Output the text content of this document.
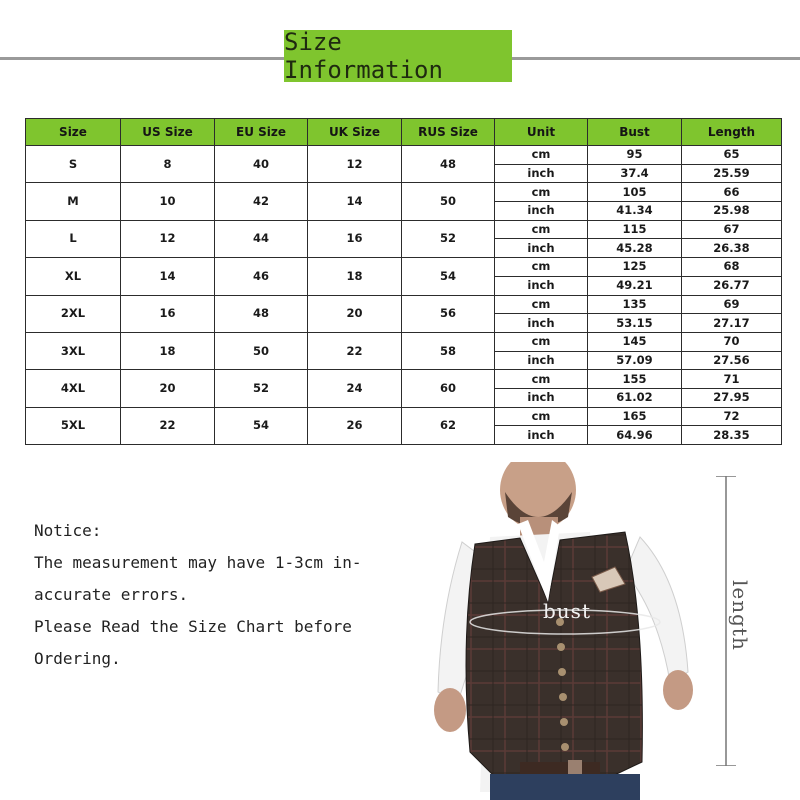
Size Information
Size	US Size	EU Size	UK Size	RUS Size	Unit	Bust	Length
S	8	40	12	48	cm	95	65
					inch	37.4	25.59
M	10	42	14	50	cm	105	66
					inch	41.34	25.98
L	12	44	16	52	cm	115	67
					inch	45.28	26.38
XL	14	46	18	54	cm	125	68
					inch	49.21	26.77
2XL	16	48	20	56	cm	135	69
					inch	53.15	27.17
3XL	18	50	22	58	cm	145	70
					inch	57.09	27.56
4XL	20	52	24	60	cm	155	71
					inch	61.02	27.95
5XL	22	54	26	62	cm	165	72
					inch	64.96	28.35
Notice:
The measurement may have 1-3cm in-
accurate errors.
Please Read the Size Chart before
Ordering.
bust	length
